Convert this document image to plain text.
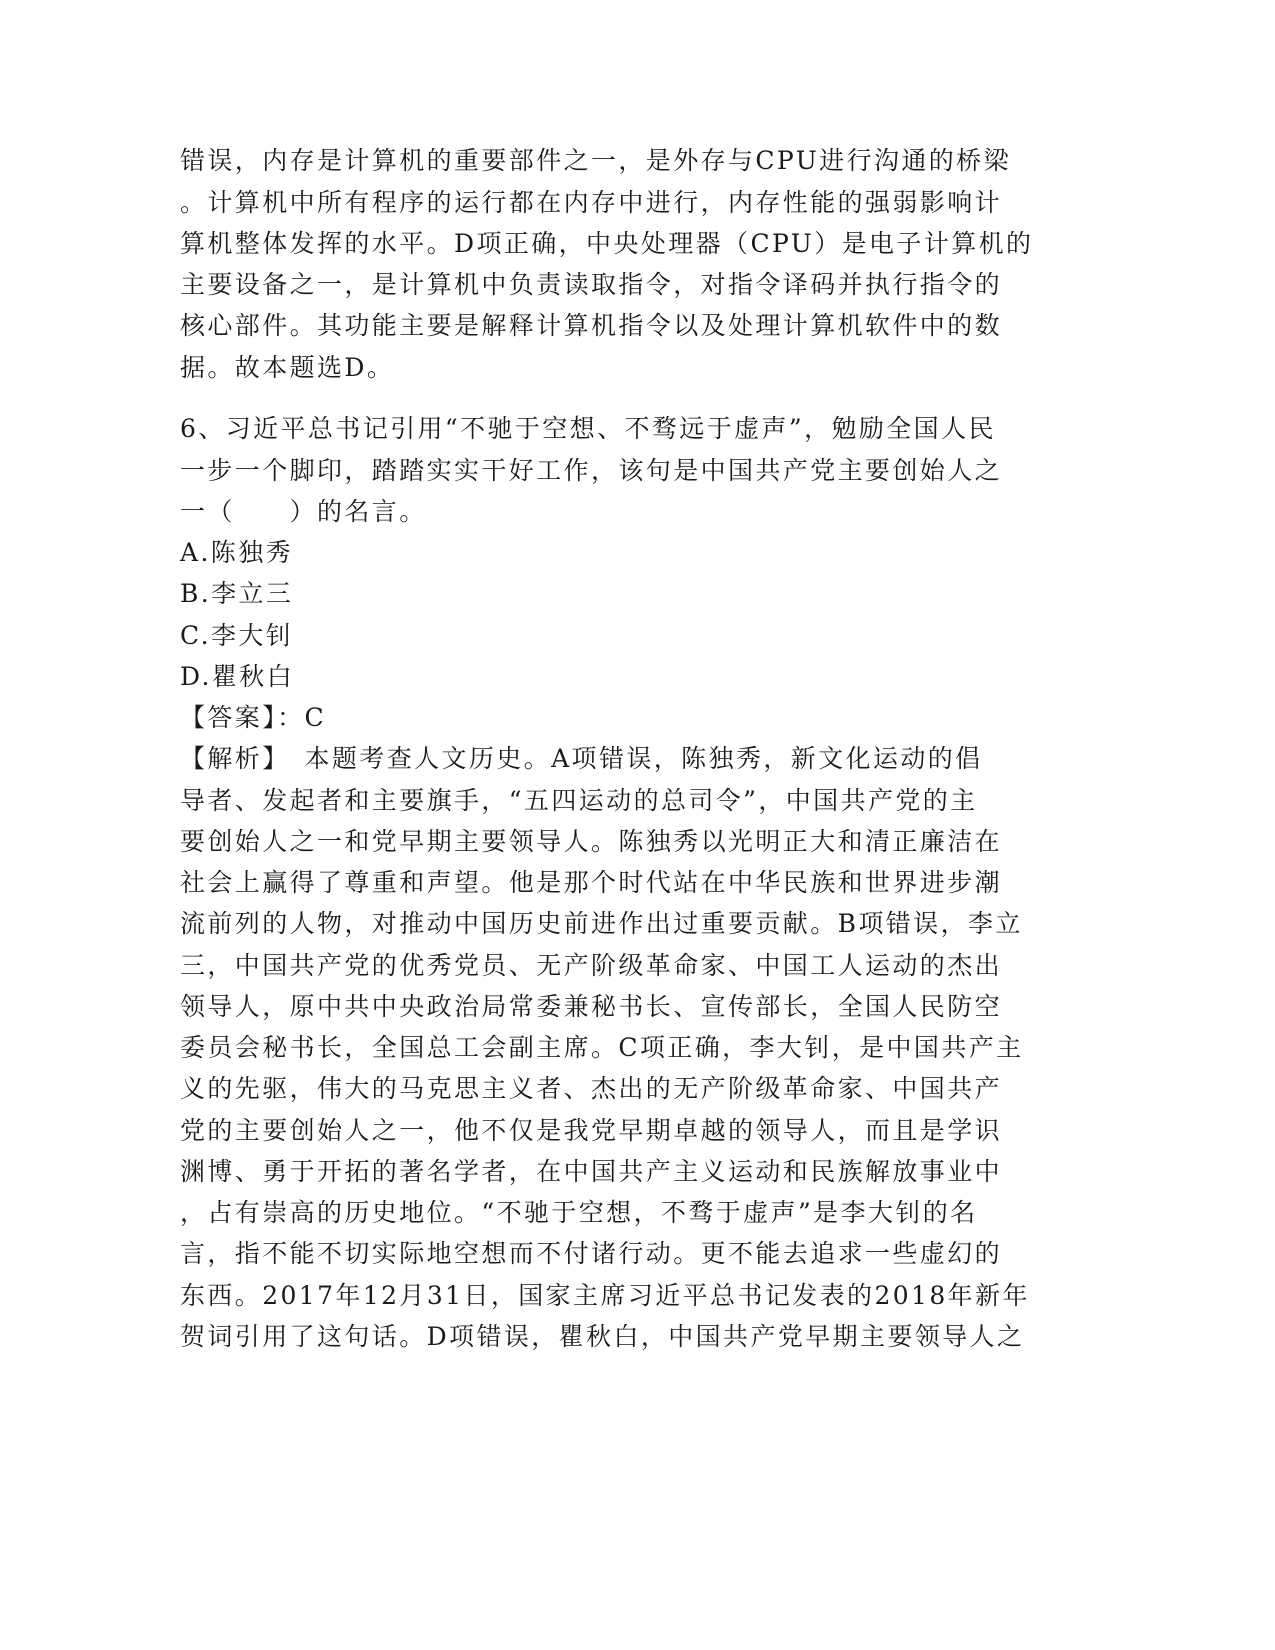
错误，内存是计算机的重要部件之一，是外存与CPU进行沟通的桥梁
。计算机中所有程序的运行都在内存中进行，内存性能的强弱影响计
算机整体发挥的水平。D项正确，中央处理器（CPU）是电子计算机的
主要设备之一，是计算机中负责读取指令，对指令译码并执行指令的
核心部件。其功能主要是解释计算机指令以及处理计算机软件中的数
据。故本题选D。
6、习近平总书记引用“不驰于空想、不骛远于虚声”，勉励全国人民
一步一个脚印，踏踏实实干好工作，该句是中国共产党主要创始人之
一（　　）的名言。
A.陈独秀
B.李立三
C.李大钊
D.瞿秋白
【答案】：C
【解析】　本题考查人文历史。A项错误，陈独秀，新文化运动的倡
导者、发起者和主要旗手，“五四运动的总司令”，中国共产党的主
要创始人之一和党早期主要领导人。陈独秀以光明正大和清正廉洁在
社会上赢得了尊重和声望。他是那个时代站在中华民族和世界进步潮
流前列的人物，对推动中国历史前进作出过重要贡献。B项错误，李立
三，中国共产党的优秀党员、无产阶级革命家、中国工人运动的杰出
领导人，原中共中央政治局常委兼秘书长、宣传部长，全国人民防空
委员会秘书长，全国总工会副主席。C项正确，李大钊，是中国共产主
义的先驱，伟大的马克思主义者、杰出的无产阶级革命家、中国共产
党的主要创始人之一，他不仅是我党早期卓越的领导人，而且是学识
渊博、勇于开拓的著名学者，在中国共产主义运动和民族解放事业中
，占有崇高的历史地位。“不驰于空想，不骛于虚声”是李大钊的名
言，指不能不切实际地空想而不付诸行动。更不能去追求一些虚幻的
东西。2017年12月31日，国家主席习近平总书记发表的2018年新年
贺词引用了这句话。D项错误，瞿秋白，中国共产党早期主要领导人之
